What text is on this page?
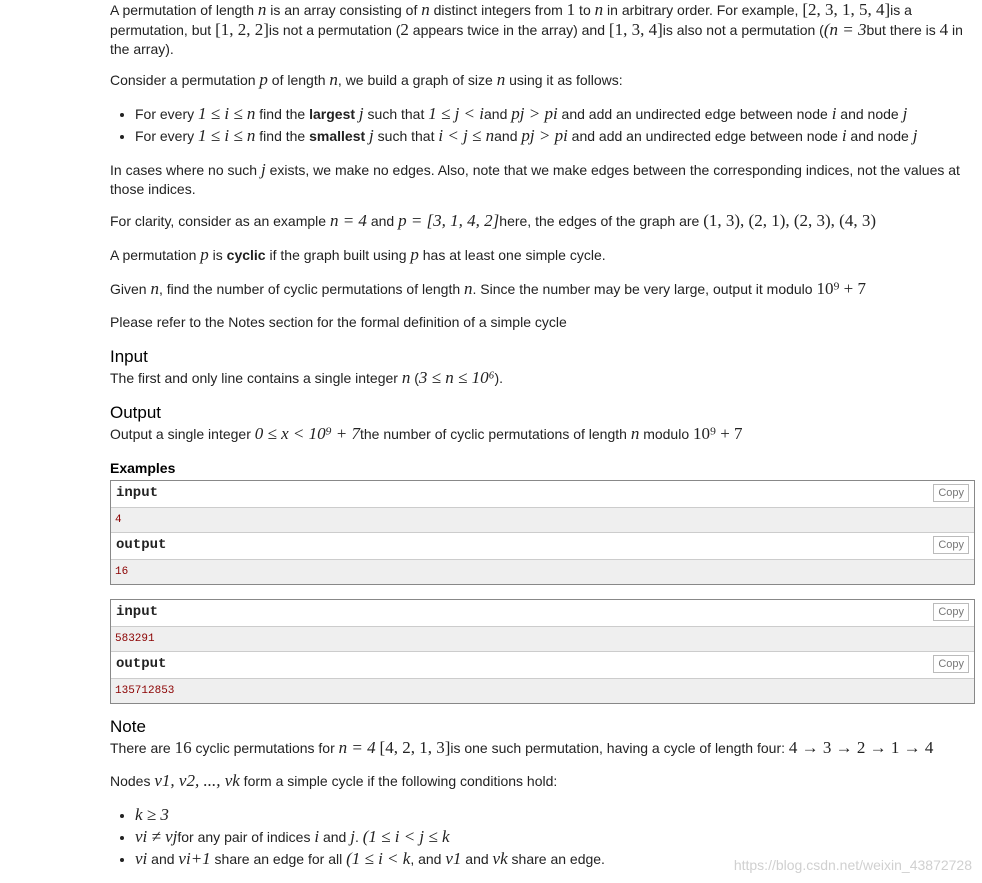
A permutation of length n is an array consisting of n distinct integers from 1 to n in arbitrary order. For example, [2, 3, 1, 5, 4]is a permutation, but [1, 2, 2]is not a permutation (2 appears twice in the array) and [1, 3, 4]is also not a permutation ((n = 3but there is 4 in the array).
Consider a permutation p of length n, we build a graph of size n using it as follows:
• For every 1 ≤ i ≤ n find the largest j such that 1 ≤ j < iand pj > pi and add an undirected edge between node i and node j
• For every 1 ≤ i ≤ n find the smallest j such that i < j ≤ nand pj > pi and add an undirected edge between node i and node j
In cases where no such j exists, we make no edges. Also, note that we make edges between the corresponding indices, not the values at those indices.
For clarity, consider as an example n = 4 and p = [3, 1, 4, 2]here, the edges of the graph are (1, 3), (2, 1), (2, 3), (4, 3)
A permutation p is cyclic if the graph built using p has at least one simple cycle.
Given n, find the number of cyclic permutations of length n. Since the number may be very large, output it modulo 10⁹ + 7
Please refer to the Notes section for the formal definition of a simple cycle
Input
The first and only line contains a single integer n (3 ≤ n ≤ 10⁶).
Output
Output a single integer 0 ≤ x < 10⁹ + 7the number of cyclic permutations of length n modulo 10⁹ + 7
Examples
input	Copy
4
output	Copy
16
input	Copy
583291
output	Copy
135712853
Note
There are 16 cyclic permutations for n = 4 [4, 2, 1, 3]is one such permutation, having a cycle of length four: 4 → 3 → 2 → 1 → 4
Nodes v1, v2, ..., vk form a simple cycle if the following conditions hold:
• k ≥ 3
• vi ≠ vjfor any pair of indices i and j. (1 ≤ i < j ≤ k
• vi and vi+1 share an edge for all (1 ≤ i < k, and v1 and vk share an edge.	https://blog.csdn.net/weixin_43872728
